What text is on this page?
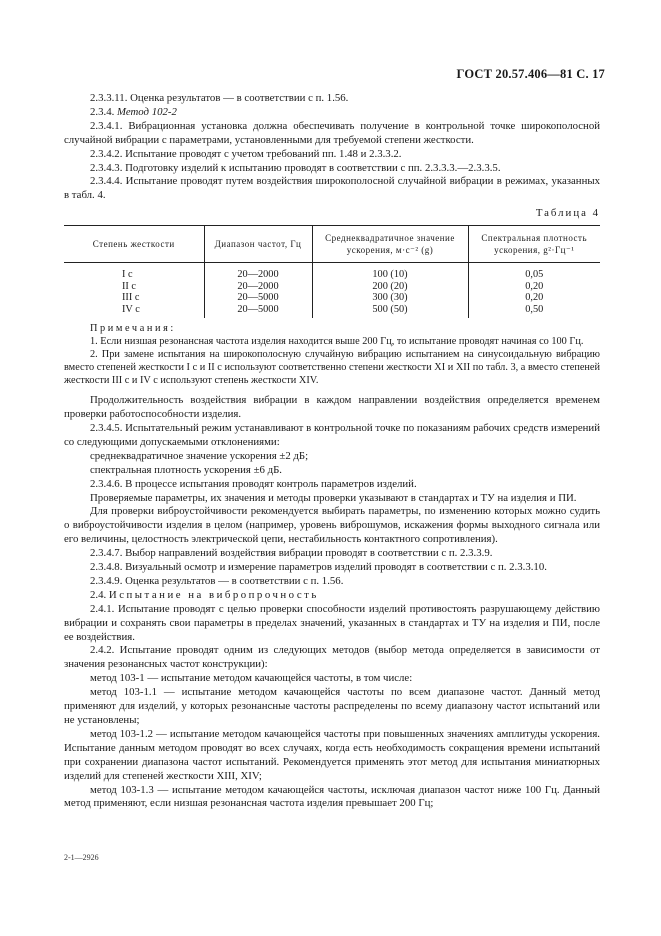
ГОСТ 20.57.406—81 С. 17

2.3.3.11. Оценка результатов — в соответствии с п. 1.56.

2.3.4. Метод 102-2

2.3.4.1. Вибрационная установка должна обеспечивать получение в контрольной точке широкополосной случайной вибрации с параметрами, установленными для требуемой степени жесткости.

2.3.4.2. Испытание проводят с учетом требований пп. 1.48 и 2.3.3.2.

2.3.4.3. Подготовку изделий к испытанию проводят в соответствии с пп. 2.3.3.3.—2.3.3.5.

2.3.4.4. Испытание проводят путем воздействия широкополосной случайной вибрации в режимах, указанных в табл. 4.

Таблица 4
Степень жесткости	Диапазон частот, Гц	Среднеквадратичное значение ускорения, м·с⁻² (g)	Спектральная плотность ускорения, g²·Гц⁻¹
I с	20—2000	100 (10)	0,05
II с	20—2000	200 (20)	0,20
III с	20—5000	300 (30)	0,20
IV с	20—5000	500 (50)	0,50

Примечания:

1. Если низшая резонансная частота изделия находится выше 200 Гц, то испытание проводят начиная со 100 Гц.

2. При замене испытания на широкополосную случайную вибрацию испытанием на синусоидальную вибрацию вместо степеней жесткости I с и II с используют соответственно степени жесткости XI и XII по табл. 3, а вместо степеней жесткости III с и IV с используют степень жесткости XIV.

Продолжительность воздействия вибрации в каждом направлении воздействия определяется временем проверки работоспособности изделия.

2.3.4.5. Испытательный режим устанавливают в контрольной точке по показаниям рабочих средств измерений со следующими допускаемыми отклонениями:

среднеквадратичное значение ускорения ±2 дБ;

спектральная плотность ускорения ±6 дБ.

2.3.4.6. В процессе испытания проводят контроль параметров изделий.

Проверяемые параметры, их значения и методы проверки указывают в стандартах и ТУ на изделия и ПИ.

Для проверки виброустойчивости рекомендуется выбирать параметры, по изменению которых можно судить о виброустойчивости изделия в целом (например, уровень виброшумов, искажения формы выходного сигнала или его величины, целостность электрической цепи, нестабильность контактного сопротивления).

2.3.4.7. Выбор направлений воздействия вибрации проводят в соответствии с п. 2.3.3.9.

2.3.4.8. Визуальный осмотр и измерение параметров изделий проводят в соответствии с п. 2.3.3.10.

2.3.4.9. Оценка результатов — в соответствии с п. 1.56.

2.4. Испытание на вибропрочность

2.4.1. Испытание проводят с целью проверки способности изделий противостоять разрушающему действию вибрации и сохранять свои параметры в пределах значений, указанных в стандартах и ТУ на изделия и ПИ, после ее воздействия.

2.4.2. Испытание проводят одним из следующих методов (выбор метода определяется в зависимости от значения резонансных частот конструкции):

метод 103-1 — испытание методом качающейся частоты, в том числе:

метод 103-1.1 — испытание методом качающейся частоты по всем диапазоне частот. Данный метод применяют для изделий, у которых резонансные частоты распределены по всему диапазону частот испытаний или не установлены;

метод 103-1.2 — испытание методом качающейся частоты при повышенных значениях амплитуды ускорения. Испытание данным методом проводят во всех случаях, когда есть необходимость сокращения времени испытаний при сохранении диапазона частот испытаний. Рекомендуется применять этот метод для испытания миниатюрных изделий для степеней жесткости XIII, XIV;

метод 103-1.3 — испытание методом качающейся частоты, исключая диапазон частот ниже 100 Гц. Данный метод применяют, если низшая резонансная частота изделия превышает 200 Гц;

2-1—2926
